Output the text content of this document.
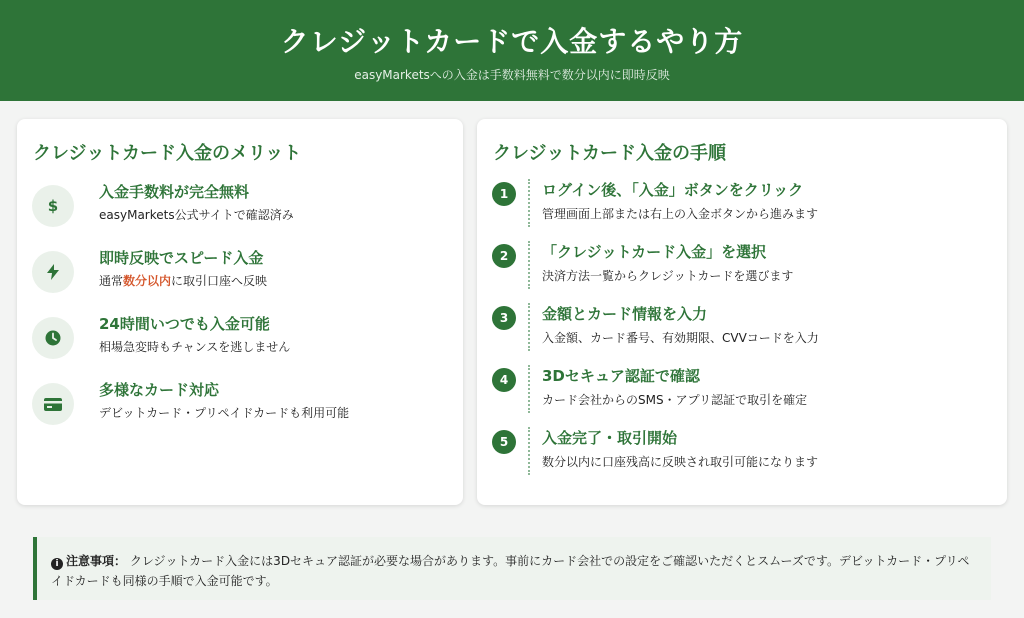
クレジットカードで入金するやり方
easyMarketsへの入金は手数料無料で数分以内に即時反映
クレジットカード入金のメリット
$
入金手数料が完全無料
easyMarkets公式サイトで確認済み
即時反映でスピード入金
通常数分以内に取引口座へ反映
24時間いつでも入金可能
相場急変時もチャンスを逃しません
多様なカード対応
デビットカード・プリペイドカードも利用可能
クレジットカード入金の手順
1	ログイン後、「入金」ボタンをクリック
管理画面上部または右上の入金ボタンから進みます
2	「クレジットカード入金」を選択
決済方法一覧からクレジットカードを選びます
3	金額とカード情報を入力
入金額、カード番号、有効期限、CVVコードを入力
4	3Dセキュア認証で確認
カード会社からのSMS・アプリ認証で取引を確定
5	入金完了・取引開始
数分以内に口座残高に反映され取引可能になります
i 注意事項： クレジットカード入金には3Dセキュア認証が必要な場合があります。事前にカード会社での設定をご確認いただくとスムーズです。デビットカード・プリペイドカードも同様の手順で入金可能です。
